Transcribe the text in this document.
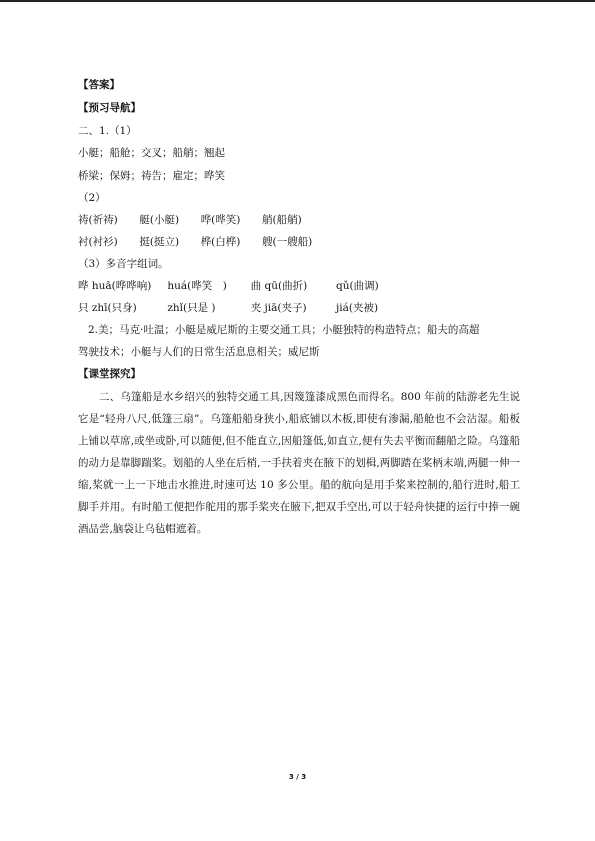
【答案】
【预习导航】
二、1.（1）
小艇；船舱；交叉；船艄；翘起
桥梁；保姆；祷告；雇定；哗笑
（2）
祷(祈祷) 艇(小艇) 哗(哗笑) 艄(船艄)
衬(衬衫) 挺(挺立) 桦(白桦) 艘(一艘船)
（3）多音字组词。
哗 huā(哗哗响) huá(哗笑　) 曲 qū(曲折)	qǔ(曲调)
只 zhī(只身)	zhǐ(只是 )	夹 jiā(夹子)	jiá(夹被)
2.美；马克·吐温；小艇是威尼斯的主要交通工具；小艇独特的构造特点；船夫的高超
驾驶技术；小艇与人们的日常生活息息相关；威尼斯
【课堂探究】
二、乌篷船是水乡绍兴的独特交通工具,因篾篷漆成黑色而得名。800 年前的陆游老先生说它是“轻舟八尺,低篷三扇”。乌篷船船身狭小,船底铺以木板,即使有渗漏,船舱也不会沾湿。船板上铺以草席,或坐或卧,可以随便,但不能直立,因船篷低,如直立,便有失去平衡而翻船之险。乌篷船的动力是靠脚踹桨。划船的人坐在后梢,一手扶着夹在腋下的划楫,两脚踏在桨柄末端,两腿一伸一缩,桨就一上一下地击水推进,时速可达 10 多公里。船的航向是用手桨来控制的,船行进时,船工脚手并用。有时船工便把作舵用的那手桨夹在腋下,把双手空出,可以于轻舟快捷的运行中捧一碗酒品尝,脑袋让乌毡帽遮着。
3 / 3
